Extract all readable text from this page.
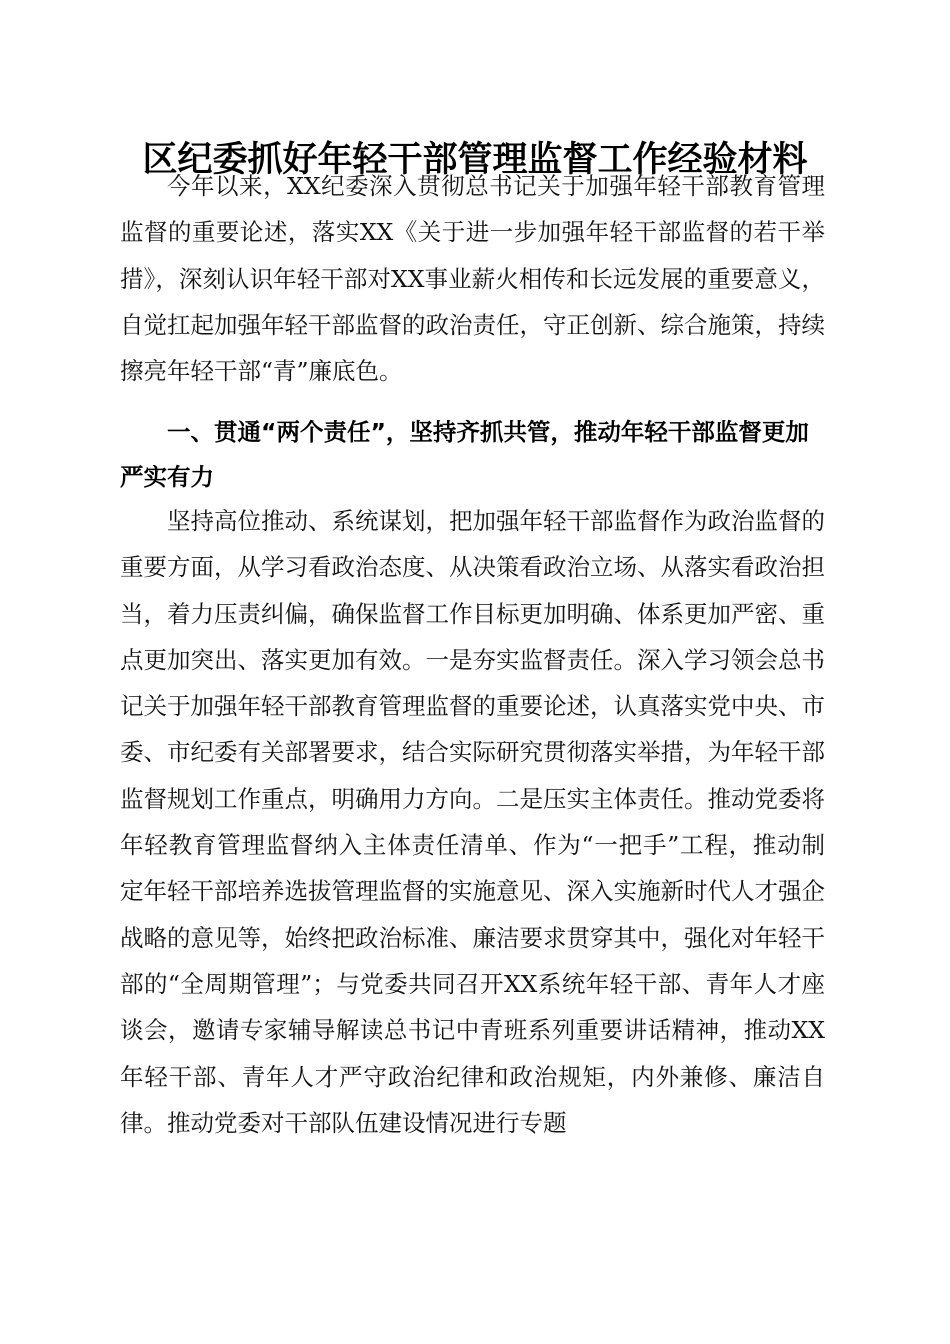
区纪委抓好年轻干部管理监督工作经验材料

今年以来，XX纪委深入贯彻总书记关于加强年轻干部教育管理监督的重要论述，落实XX《关于进一步加强年轻干部监督的若干举措》，深刻认识年轻干部对XX事业薪火相传和长远发展的重要意义，自觉扛起加强年轻干部监督的政治责任，守正创新、综合施策，持续擦亮年轻干部“青”廉底色。

一、贯通“两个责任”，坚持齐抓共管，推动年轻干部监督更加严实有力

坚持高位推动、系统谋划，把加强年轻干部监督作为政治监督的重要方面，从学习看政治态度、从决策看政治立场、从落实看政治担当，着力压责纠偏，确保监督工作目标更加明确、体系更加严密、重点更加突出、落实更加有效。一是夯实监督责任。深入学习领会总书记关于加强年轻干部教育管理监督的重要论述，认真落实党中央、市委、市纪委有关部署要求，结合实际研究贯彻落实举措，为年轻干部监督规划工作重点，明确用力方向。二是压实主体责任。推动党委将年轻教育管理监督纳入主体责任清单、作为“一把手”工程，推动制定年轻干部培养选拔管理监督的实施意见、深入实施新时代人才强企战略的意见等，始终把政治标准、廉洁要求贯穿其中，强化对年轻干部的“全周期管理”；与党委共同召开XX系统年轻干部、青年人才座谈会，邀请专家辅导解读总书记中青班系列重要讲话精神，推动XX年轻干部、青年人才严守政治纪律和政治规矩，内外兼修、廉洁自律。推动党委对干部队伍建设情况进行专题
